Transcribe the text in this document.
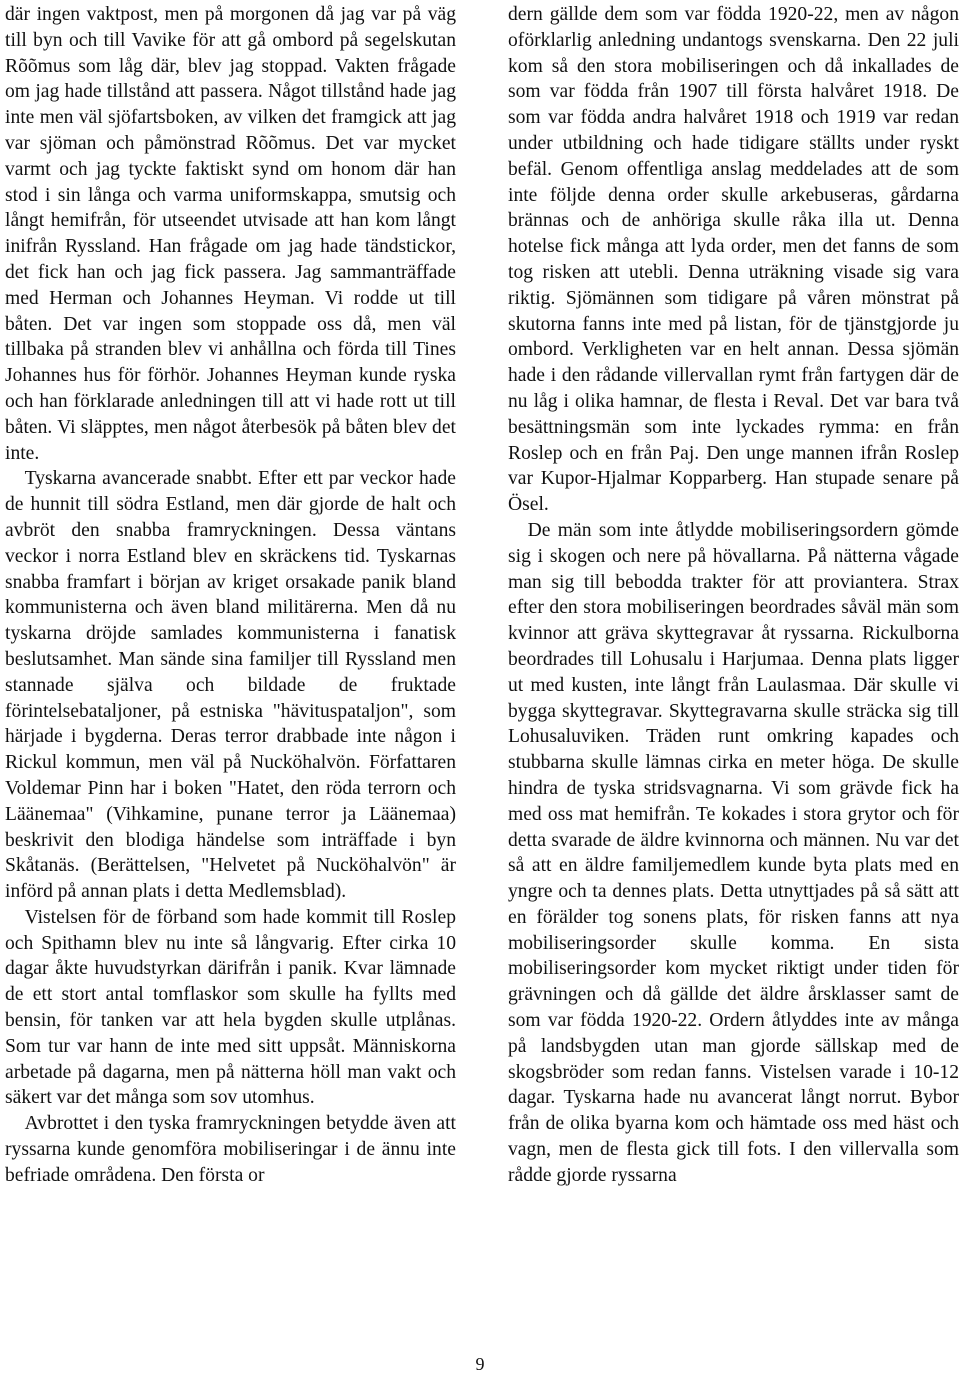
där ingen vaktpost, men på morgonen då jag var på väg till byn och till Vavike för att gå ombord på segelskutan Rõõmus som låg där, blev jag stoppad. Vakten frågade om jag hade tillstånd att passera. Något tillstånd hade jag inte men väl sjöfartsboken, av vilken det framgick att jag var sjöman och påmönstrad Rõõmus. Det var mycket varmt och jag tyckte faktiskt synd om honom där han stod i sin långa och varma uniformskappa, smutsig och långt hemifrån, för utseendet utvisade att han kom långt inifrån Ryssland. Han frågade om jag hade tändstickor, det fick han och jag fick passera. Jag sammanträffade med Herman och Johannes Heyman. Vi rodde ut till båten. Det var ingen som stoppade oss då, men väl tillbaka på stranden blev vi anhållna och förda till Tines Johannes hus för förhör. Johannes Heyman kunde ryska och han förklarade anledningen till att vi hade rott ut till båten. Vi släpptes, men något återbesök på båten blev det inte.

Tyskarna avancerade snabbt. Efter ett par veckor hade de hunnit till södra Estland, men där gjorde de halt och avbröt den snabba framryckningen. Dessa väntans veckor i norra Estland blev en skräckens tid. Tyskarnas snabba framfart i början av kriget orsakade panik bland kommunisterna och även bland militärerna. Men då nu tyskarna dröjde samlades kommunisterna i fanatisk beslutsamhet. Man sände sina familjer till Ryssland men stannade själva och bildade de fruktade förintelsebataljoner, på estniska "hävituspataljon", som härjade i bygderna. Deras terror drabbade inte någon i Rickul kommun, men väl på Nucköhalvön. Författaren Voldemar Pinn har i boken "Hatet, den röda terrorn och Läänemaa" (Vihkamine, punane terror ja Läänemaa) beskrivit den blodiga händelse som inträffade i byn Skåtanäs. (Berättelsen, "Helvetet på Nucköhalvön" är införd på annan plats i detta Medlemsblad).

Vistelsen för de förband som hade kommit till Roslep och Spithamn blev nu inte så långvarig. Efter cirka 10 dagar åkte huvudstyrkan därifrån i panik. Kvar lämnade de ett stort antal tomflaskor som skulle ha fyllts med bensin, för tanken var att hela bygden skulle utplånas. Som tur var hann de inte med sitt uppsåt. Människorna arbetade på dagarna, men på nätterna höll man vakt och säkert var det många som sov utomhus.

Avbrottet i den tyska framryckningen betydde även att ryssarna kunde genomföra mobiliseringar i de ännu inte befriade områdena. Den första or

dern gällde dem som var födda 1920-22, men av någon oförklarlig anledning undantogs svenskarna. Den 22 juli kom så den stora mobiliseringen och då inkallades de som var födda från 1907 till första halvåret 1918. De som var födda andra halvåret 1918 och 1919 var redan under utbildning och hade tidigare ställts under ryskt befäl. Genom offentliga anslag meddelades att de som inte följde denna order skulle arkebuseras, gårdarna brännas och de anhöriga skulle råka illa ut. Denna hotelse fick många att lyda order, men det fanns de som tog risken att utebli. Denna uträkning visade sig vara riktig. Sjömännen som tidigare på våren mönstrat på skutorna fanns inte med på listan, för de tjänstgjorde ju ombord. Verkligheten var en helt annan. Dessa sjömän hade i den rådande villervallan rymt från fartygen där de nu låg i olika hamnar, de flesta i Reval. Det var bara två besättningsmän som inte lyckades rymma: en från Roslep och en från Paj. Den unge mannen ifrån Roslep var Kupor-Hjalmar Kopparberg. Han stupade senare på Ösel.

De män som inte åtlydde mobiliseringsordern gömde sig i skogen och nere på hövallarna. På nätterna vågade man sig till bebodda trakter för att proviantera. Strax efter den stora mobiliseringen beordrades såväl män som kvinnor att gräva skyttegravar åt ryssarna. Rickulborna beordrades till Lohusalu i Harjumaa. Denna plats ligger ut med kusten, inte långt från Laulasmaa. Där skulle vi bygga skyttegravar. Skyttegravarna skulle sträcka sig till Lohusaluviken. Träden runt omkring kapades och stubbarna skulle lämnas cirka en meter höga. De skulle hindra de tyska stridsvagnarna. Vi som grävde fick ha med oss mat hemifrån. Te kokades i stora grytor och för detta svarade de äldre kvinnorna och männen. Nu var det så att en äldre familjemedlem kunde byta plats med en yngre och ta dennes plats. Detta utnyttjades på så sätt att en förälder tog sonens plats, för risken fanns att nya mobiliseringsorder skulle komma. En sista mobiliseringsorder kom mycket riktigt under tiden för grävningen och då gällde det äldre årsklasser samt de som var födda 1920-22. Ordern åtlyddes inte av många på landsbygden utan man gjorde sällskap med de skogsbröder som redan fanns. Vistelsen varade i 10-12 dagar. Tyskarna hade nu avancerat långt norrut. Bybor från de olika byarna kom och hämtade oss med häst och vagn, men de flesta gick till fots. I den villervalla som rådde gjorde ryssarna

9
